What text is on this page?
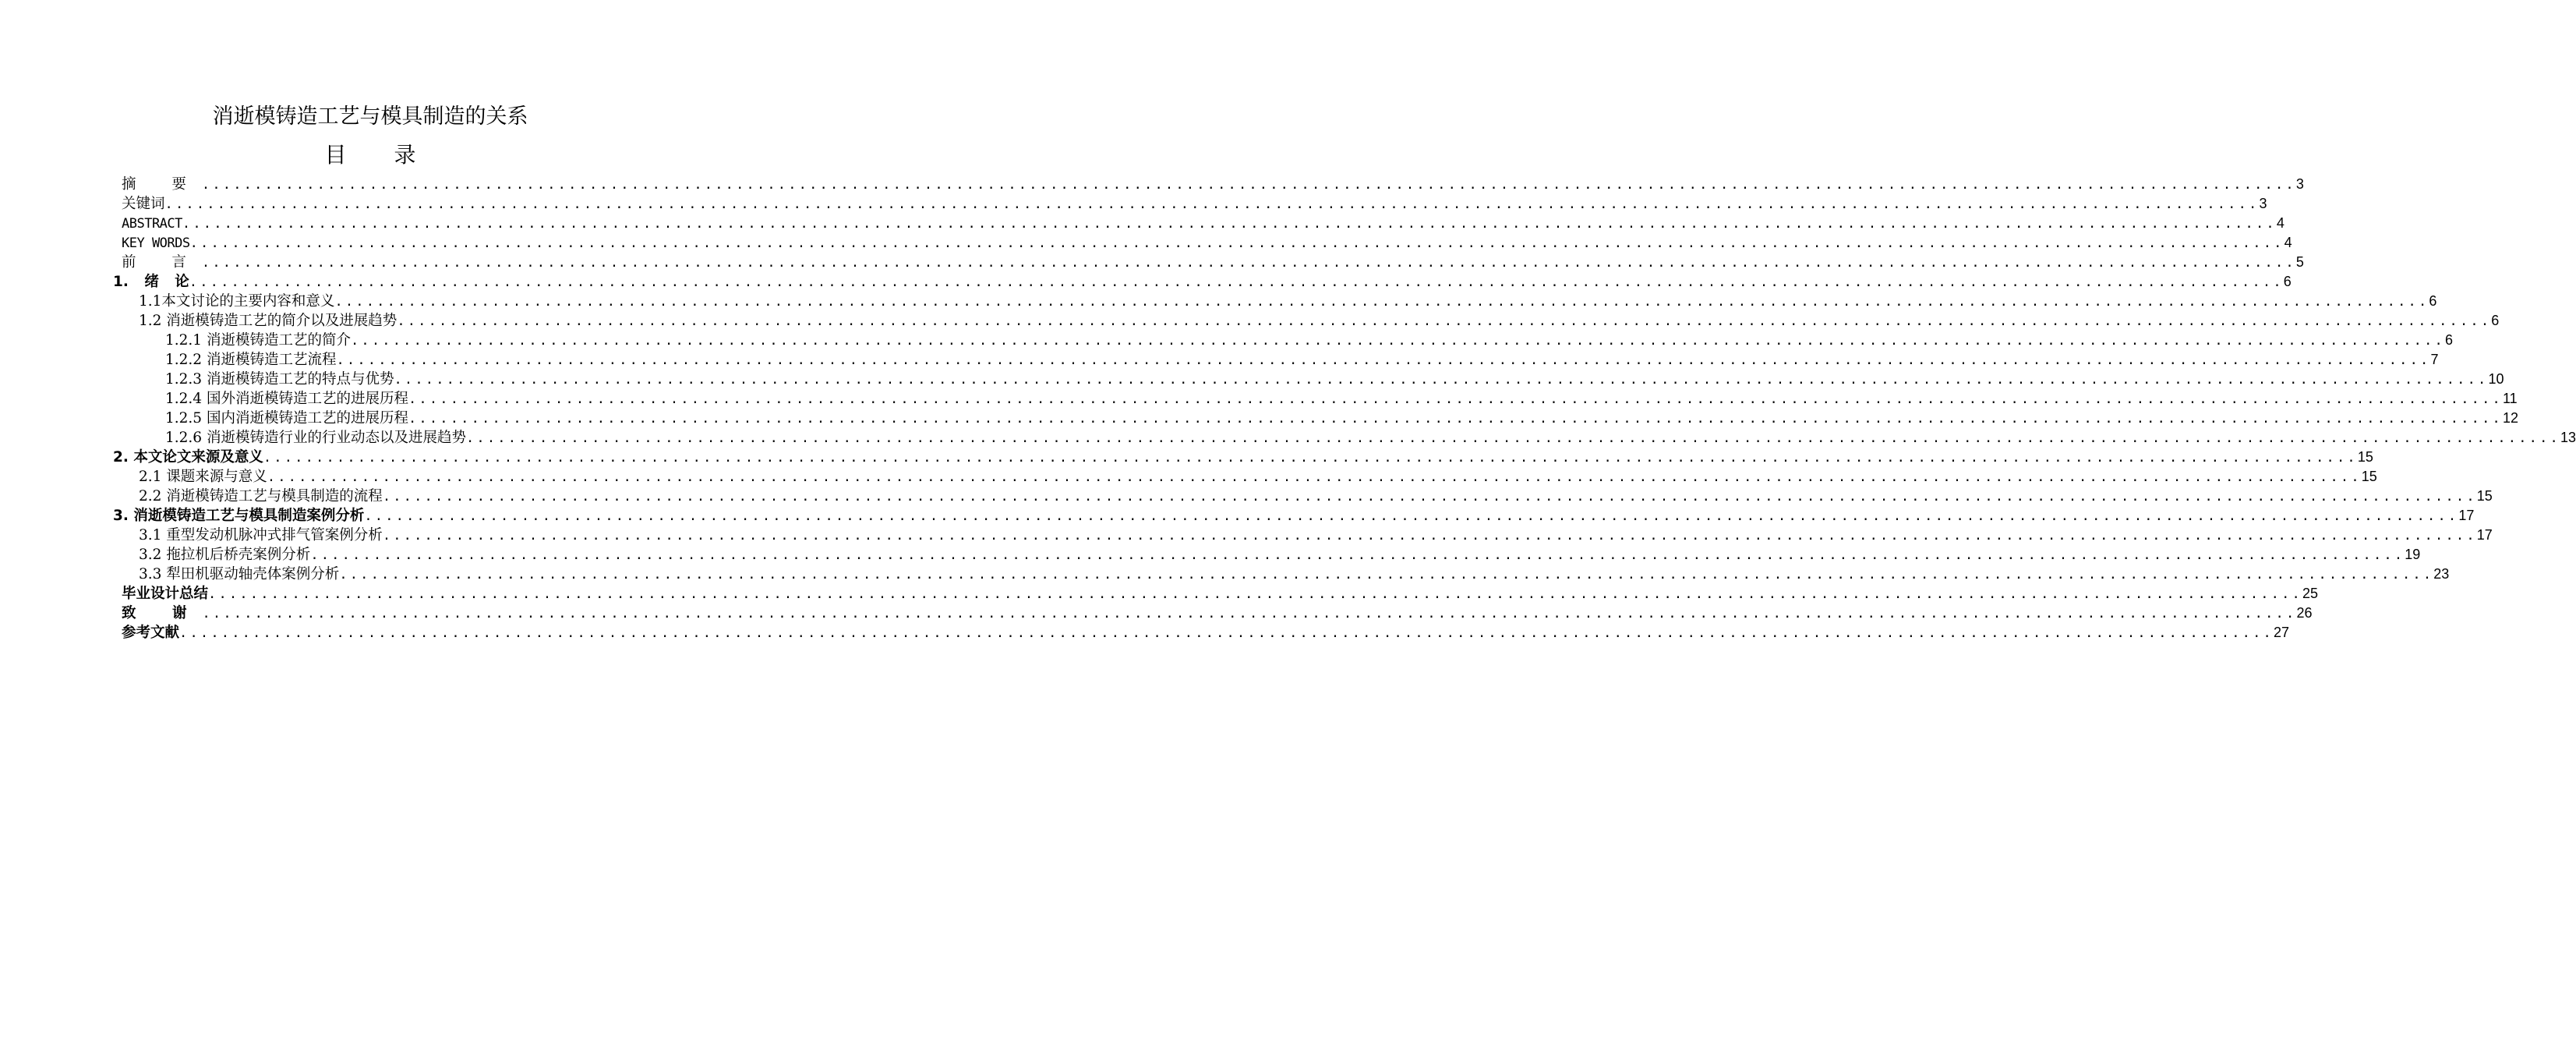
消逝模铸造工艺与模具制造的关系
目 录
摘 要 ........................................................................................................................................................................................................ 3
关键词 ........................................................................................................................................................................................................ 3
ABSTRACT ........................................................................................................................................................................................................ 4
KEY WORDS ........................................................................................................................................................................................................ 4
前 言 ........................................................................................................................................................................................................ 5
1. 绪 论 ........................................................................................................................................................................................................ 6
1.1本文讨论的主要内容和意义 ........................................................................................................................................................................................................ 6
1.2 消逝模铸造工艺的简介以及进展趋势 ........................................................................................................................................................................................................ 6
1.2.1 消逝模铸造工艺的简介 ........................................................................................................................................................................................................ 6
1.2.2 消逝模铸造工艺流程 ........................................................................................................................................................................................................ 7
1.2.3 消逝模铸造工艺的特点与优势 ........................................................................................................................................................................................................ 10
1.2.4 国外消逝模铸造工艺的进展历程 ........................................................................................................................................................................................................ 11
1.2.5 国内消逝模铸造工艺的进展历程 ........................................................................................................................................................................................................ 12
1.2.6 消逝模铸造行业的行业动态以及进展趋势 ........................................................................................................................................................................................................ 13
2. 本文论文来源及意义 ........................................................................................................................................................................................................ 15
2.1 课题来源与意义 ........................................................................................................................................................................................................ 15
2.2 消逝模铸造工艺与模具制造的流程 ........................................................................................................................................................................................................ 15
3. 消逝模铸造工艺与模具制造案例分析 ........................................................................................................................................................................................................ 17
3.1 重型发动机脉冲式排气管案例分析 ........................................................................................................................................................................................................ 17
3.2 拖拉机后桥壳案例分析 ........................................................................................................................................................................................................ 19
3.3 犁田机驱动轴壳体案例分析 ........................................................................................................................................................................................................ 23
毕业设计总结 ........................................................................................................................................................................................................ 25
致 谢 ........................................................................................................................................................................................................ 26
参考文献 ........................................................................................................................................................................................................ 27
